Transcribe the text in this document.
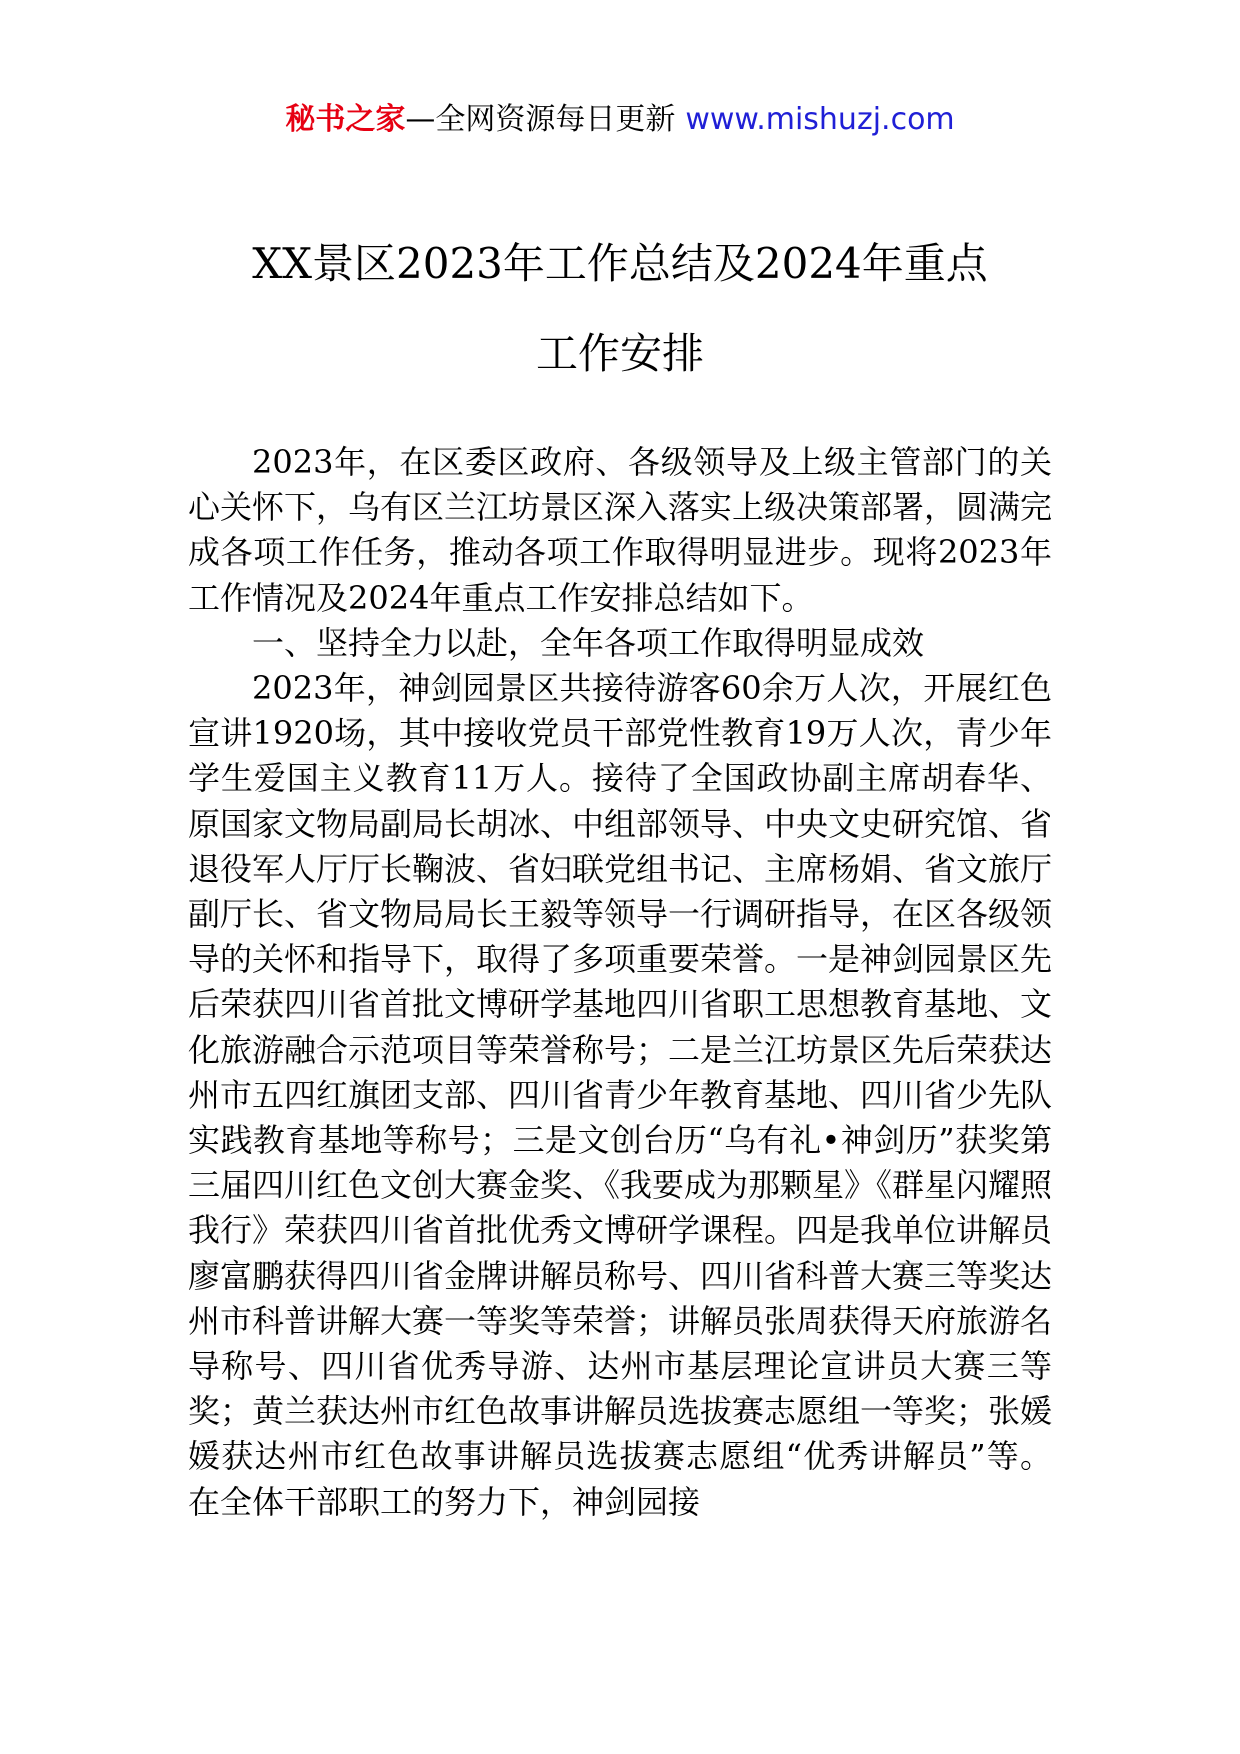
秘书之家—全网资源每日更新 www.mishuzj.com
XX景区2023年工作总结及2024年重点
工作安排

2023年，在区委区政府、各级领导及上级主管部门的关心关怀下，乌有区兰江坊景区深入落实上级决策部署，圆满完成各项工作任务，推动各项工作取得明显进步。现将2023年工作情况及2024年重点工作安排总结如下。

一、坚持全力以赴，全年各项工作取得明显成效

2023年，神剑园景区共接待游客60余万人次，开展红色宣讲1920场，其中接收党员干部党性教育19万人次，青少年学生爱国主义教育11万人。接待了全国政协副主席胡春华、原国家文物局副局长胡冰、中组部领导、中央文史研究馆、省退役军人厅厅长鞠波、省妇联党组书记、主席杨娟、省文旅厅副厅长、省文物局局长王毅等领导一行调研指导，在区各级领导的关怀和指导下，取得了多项重要荣誉。一是神剑园景区先后荣获四川省首批文博研学基地四川省职工思想教育基地、文化旅游融合示范项目等荣誉称号；二是兰江坊景区先后荣获达州市五四红旗团支部、四川省青少年教育基地、四川省少先队实践教育基地等称号；三是文创台历“乌有礼•神剑历”获奖第三届四川红色文创大赛金奖、《我要成为那颗星》《群星闪耀照我行》荣获四川省首批优秀文博研学课程。四是我单位讲解员廖富鹏获得四川省金牌讲解员称号、四川省科普大赛三等奖达州市科普讲解大赛一等奖等荣誉；讲解员张周获得天府旅游名导称号、四川省优秀导游、达州市基层理论宣讲员大赛三等奖；黄兰获达州市红色故事讲解员选拔赛志愿组一等奖；张媛媛获达州市红色故事讲解员选拔赛志愿组“优秀讲解员”等。在全体干部职工的努力下，神剑园接
